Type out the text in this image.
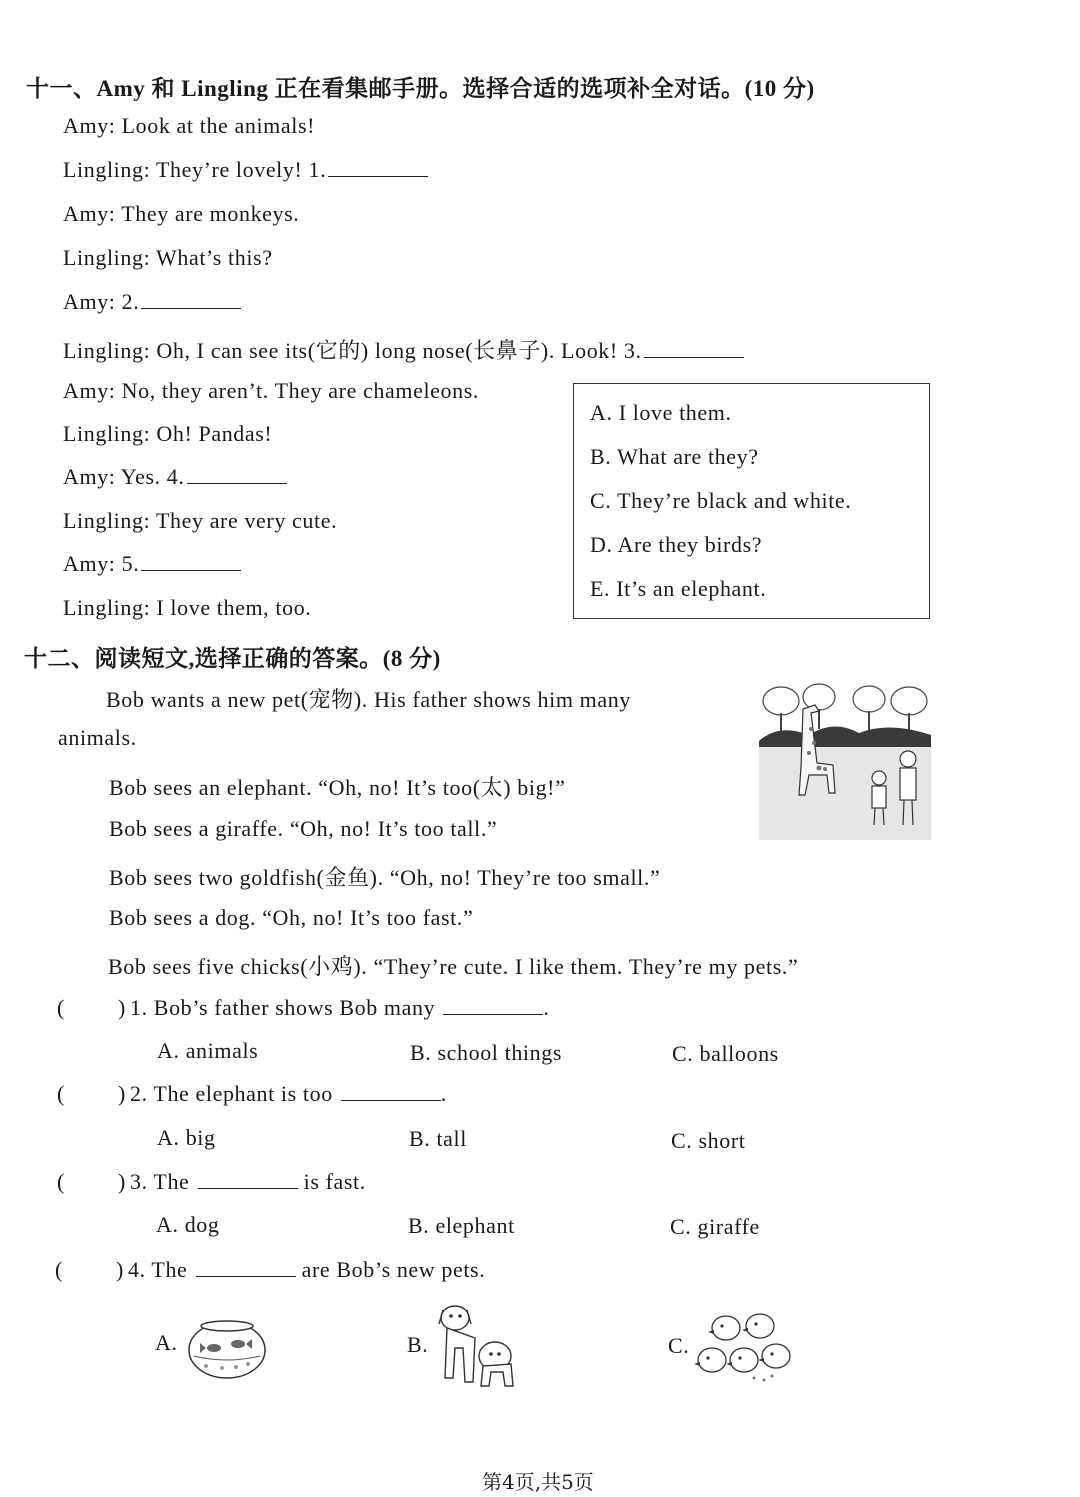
十一、Amy 和 Lingling 正在看集邮手册。选择合适的选项补全对话。(10 分)
Amy: Look at the animals!
Lingling: They’re lovely! 1.
Amy: They are monkeys.
Lingling: What’s this?
Amy: 2.
Lingling: Oh, I can see its(它的) long nose(长鼻子). Look! 3.
Amy: No, they aren’t. They are chameleons.
Lingling: Oh! Pandas!
Amy: Yes. 4.
Lingling: They are very cute.
Amy: 5.
Lingling: I love them, too.
A. I love them.
B. What are they?
C. They’re black and white.
D. Are they birds?
E. It’s an elephant.
十二、阅读短文,选择正确的答案。(8 分)
Bob wants a new pet(宠物). His father shows him many
animals.
Bob sees an elephant. “Oh, no! It’s too(太) big!”
Bob sees a giraffe. “Oh, no! It’s too tall.”
Bob sees two goldfish(金鱼). “Oh, no! They’re too small.”
Bob sees a dog. “Oh, no! It’s too fast.”
Bob sees five chicks(小鸡). “They’re cute. I like them. They’re my pets.”
( ) 1. Bob’s father shows Bob many	.
A. animals	B. school things	C. balloons
( ) 2. The elephant is too	.
A. big	B. tall	C. short
( ) 3. The	is fast.
A. dog	B. elephant	C. giraffe
( ) 4. The	are Bob’s new pets.
A.	B.	C.
第4页,共5页
